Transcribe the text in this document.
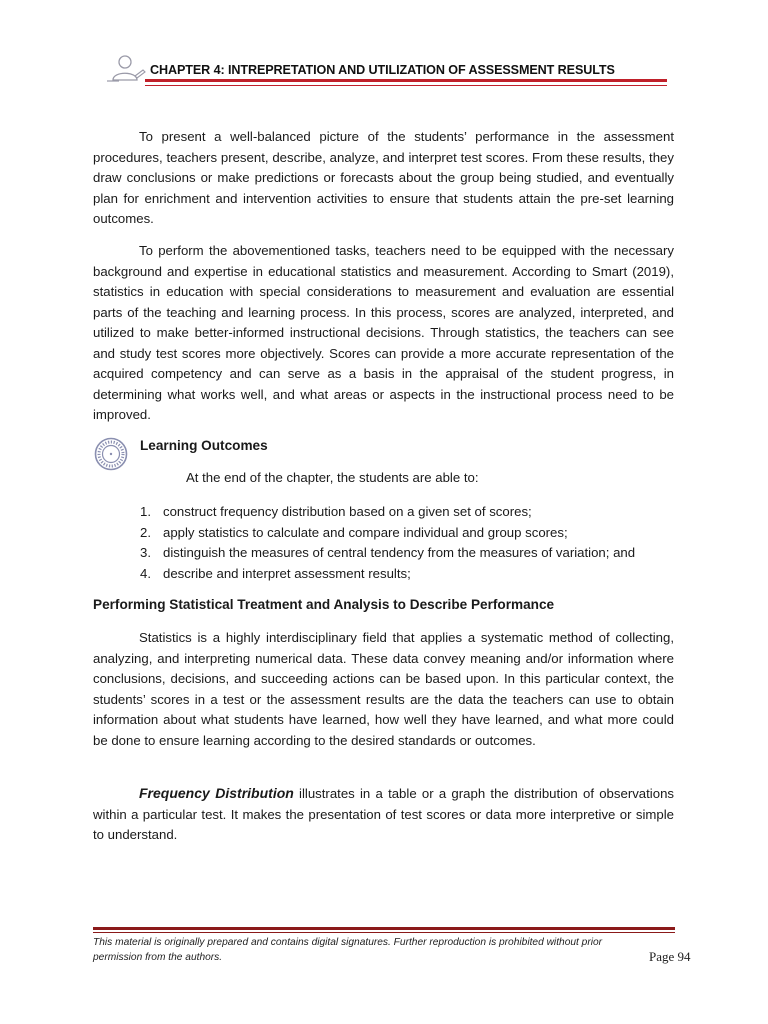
CHAPTER 4: INTREPRETATION AND UTILIZATION OF ASSESSMENT RESULTS

To present a well-balanced picture of the students’ performance in the assessment procedures, teachers present, describe, analyze, and interpret test scores. From these results, they draw conclusions or make predictions or forecasts about the group being studied, and eventually plan for enrichment and intervention activities to ensure that students attain the pre-set learning outcomes.

To perform the abovementioned tasks, teachers need to be equipped with the necessary background and expertise in educational statistics and measurement. According to Smart (2019), statistics in education with special considerations to measurement and evaluation are essential parts of the teaching and learning process. In this process, scores are analyzed, interpreted, and utilized to make better-informed instructional decisions. Through statistics, the teachers can see and study test scores more objectively. Scores can provide a more accurate representation of the acquired competency and can serve as a basis in the appraisal of the student progress, in determining what works well, and what areas or aspects in the instructional process need to be improved.

Learning Outcomes
At the end of the chapter, the students are able to:
1. construct frequency distribution based on a given set of scores;
2. apply statistics to calculate and compare individual and group scores;
3. distinguish the measures of central tendency from the measures of variation; and
4. describe and interpret assessment results;
Performing Statistical Treatment and Analysis to Describe Performance

Statistics is a highly interdisciplinary field that applies a systematic method of collecting, analyzing, and interpreting numerical data. These data convey meaning and/or information where conclusions, decisions, and succeeding actions can be based upon. In this particular context, the students’ scores in a test or the assessment results are the data the teachers can use to obtain information about what students have learned, how well they have learned, and what more could be done to ensure learning according to the desired standards or outcomes.

Frequency Distribution illustrates in a table or a graph the distribution of observations within a particular test. It makes the presentation of test scores or data more interpretive or simple to understand.

This material is originally prepared and contains digital signatures. Further reproduction is prohibited without prior permission from the authors.	Page 94
